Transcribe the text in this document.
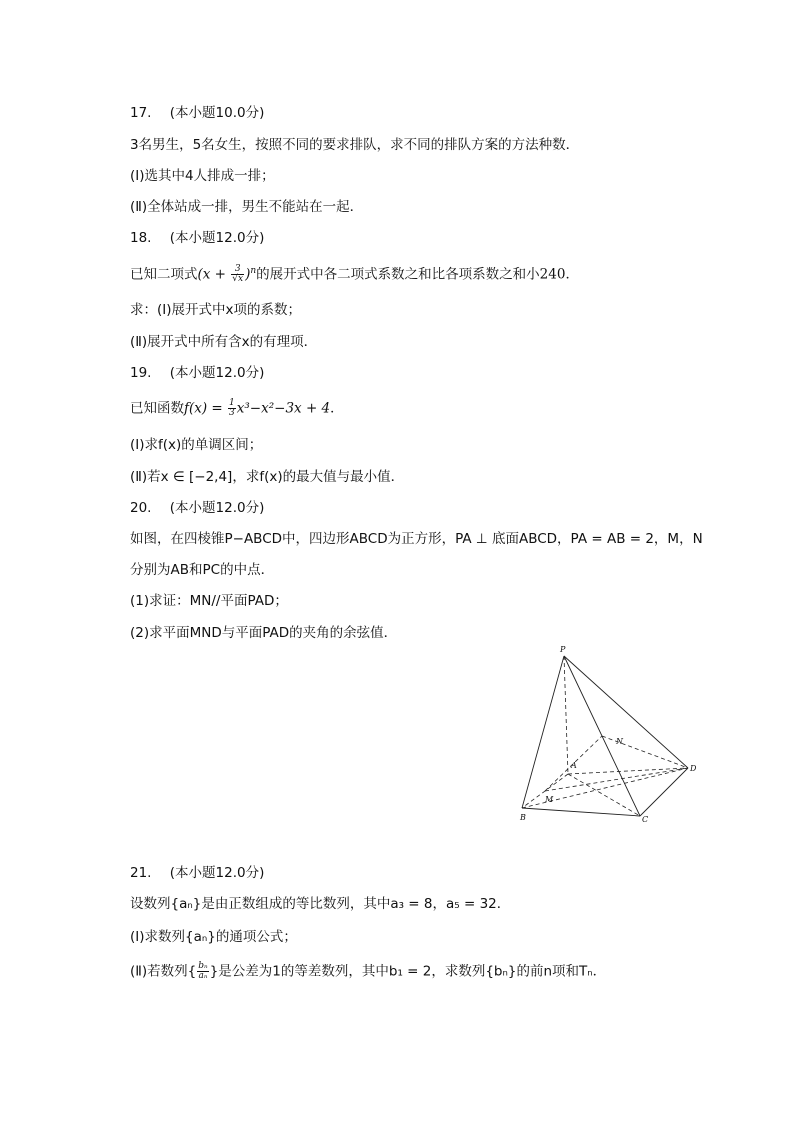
17. (本小题10.0分)
3名男生，5名女生，按照不同的要求排队，求不同的排队方案的方法种数．
(Ⅰ)选其中4人排成一排；
(Ⅱ)全体站成一排，男生不能站在一起．
18. (本小题12.0分)
已知二项式$(x + \frac{3}{√x} )^n$的展开式中各二项式系数之和比各项系数之和小240．
求：(Ⅰ)展开式中x项的系数；
(Ⅱ)展开式中所有含x的有理项．
19. (本小题12.0分)
已知函数$f(x) = \frac{1}{3} x^3-x^2-3x + 4$．
(Ⅰ)求f(x)的单调区间；
(Ⅱ)若x ∈ [−2,4]，求f(x)的最大值与最小值．
20. (本小题12.0分)
如图，在四棱锥P−ABCD中，四边形ABCD为正方形，PA ⊥ 底面ABCD，PA = AB = 2，M，N
分别为AB和PC的中点．
(1)求证：MN//平面PAD；
(2)求平面MND与平面PAD的夹角的余弦值．
P
A
B	C
D
M
N
21. (本小题12.0分)
设数列{aₙ}是由正数组成的等比数列，其中a₃ = 8，a₅ = 32．
(Ⅰ)求数列{aₙ}的通项公式；
(Ⅱ)若数列{ $\frac{\text{bₙ}}{\text{aₙ}}$ }是公差为1的等差数列，其中b₁ = 2，求数列{bₙ}的前n项和Tₙ．
